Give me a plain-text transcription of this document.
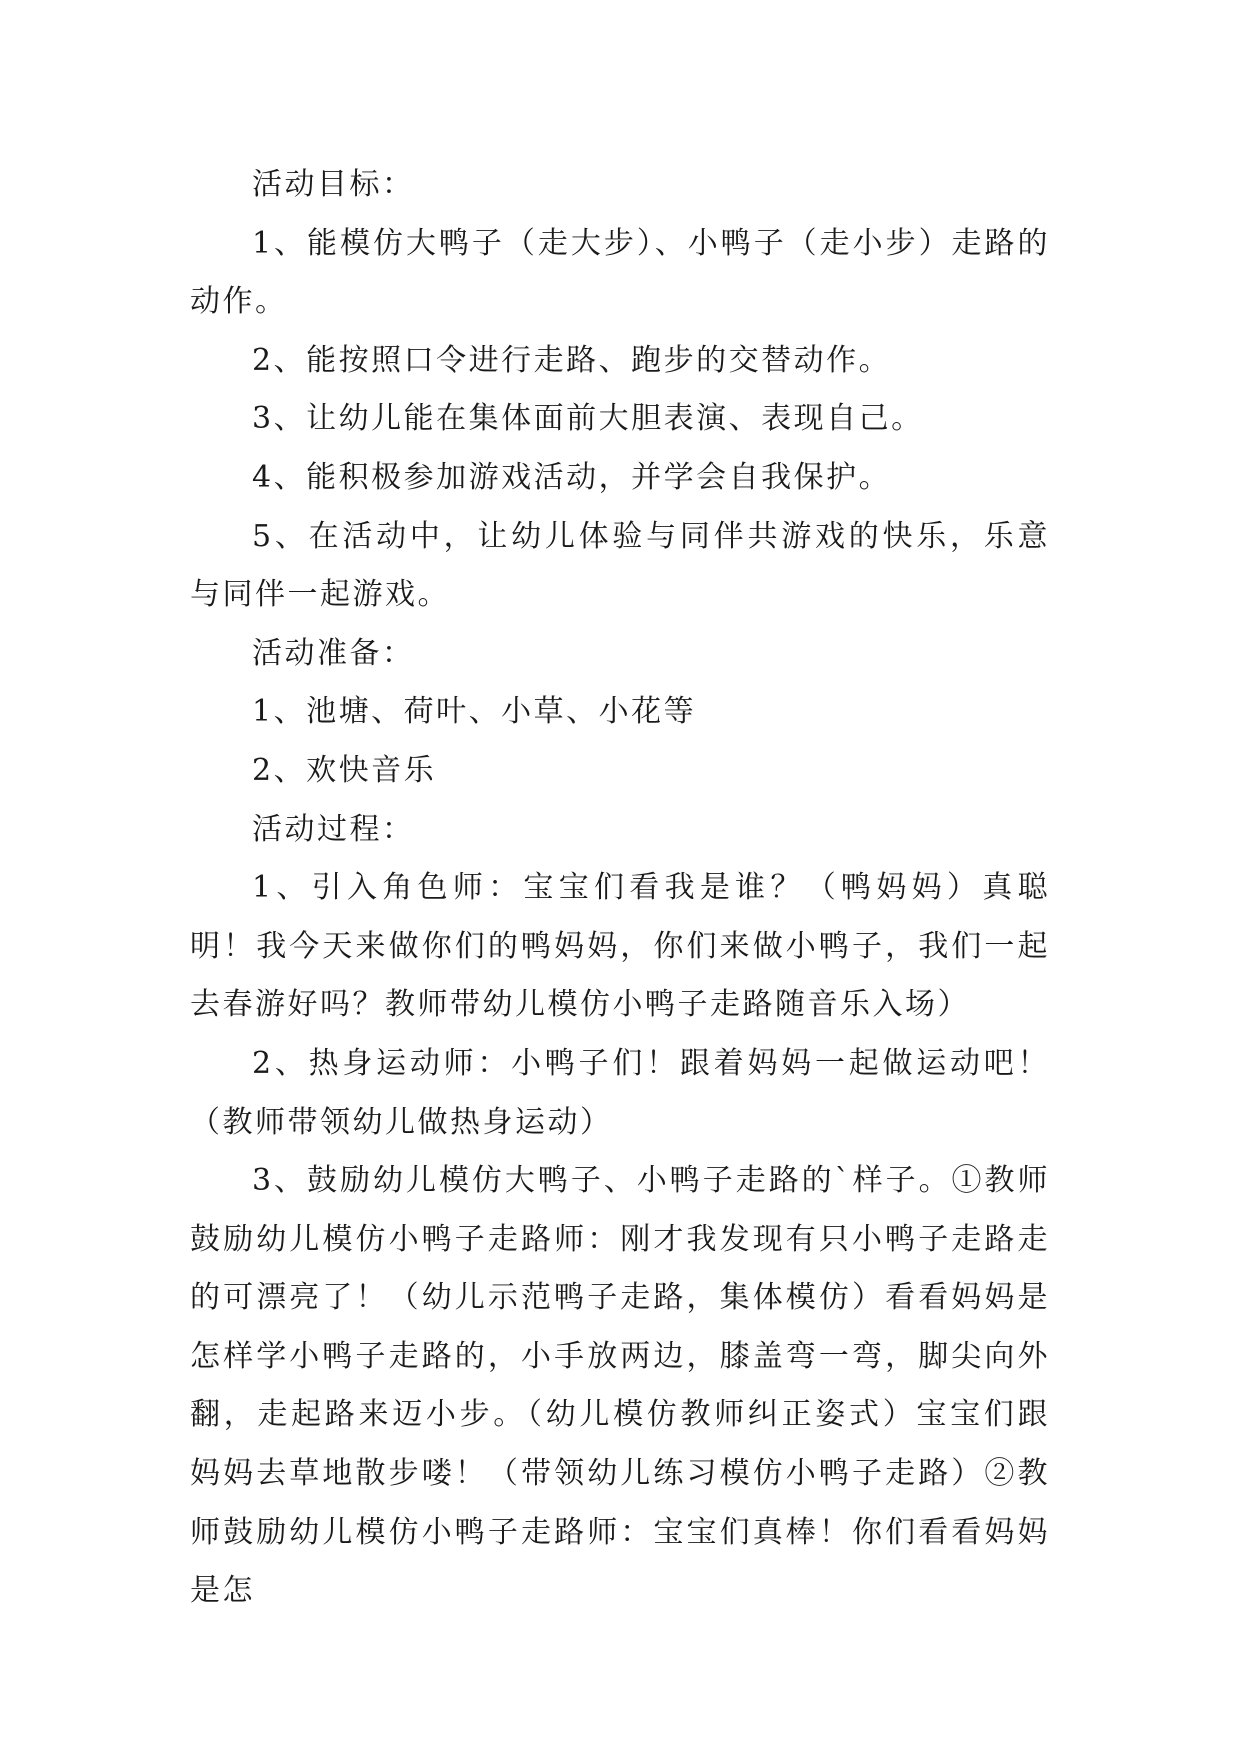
活动目标：

1、能模仿大鸭子（走大步）、小鸭子（走小步）走路的动作。

2、能按照口令进行走路、跑步的交替动作。

3、让幼儿能在集体面前大胆表演、表现自己。

4、能积极参加游戏活动，并学会自我保护。

5、在活动中，让幼儿体验与同伴共游戏的快乐，乐意与同伴一起游戏。

活动准备：

1、池塘、荷叶、小草、小花等

2、欢快音乐

活动过程：

1、引入角色师：宝宝们看我是谁？（鸭妈妈）真聪明！我今天来做你们的鸭妈妈，你们来做小鸭子，我们一起去春游好吗？教师带幼儿模仿小鸭子走路随音乐入场）

2、热身运动师：小鸭子们！跟着妈妈一起做运动吧！（教师带领幼儿做热身运动）

3、鼓励幼儿模仿大鸭子、小鸭子走路的`样子。①教师鼓励幼儿模仿小鸭子走路师：刚才我发现有只小鸭子走路走的可漂亮了！（幼儿示范鸭子走路，集体模仿）看看妈妈是怎样学小鸭子走路的，小手放两边，膝盖弯一弯，脚尖向外翻，走起路来迈小步。（幼儿模仿教师纠正姿式）宝宝们跟妈妈去草地散步喽！（带领幼儿练习模仿小鸭子走路）②教师鼓励幼儿模仿小鸭子走路师：宝宝们真棒！你们看看妈妈是怎
